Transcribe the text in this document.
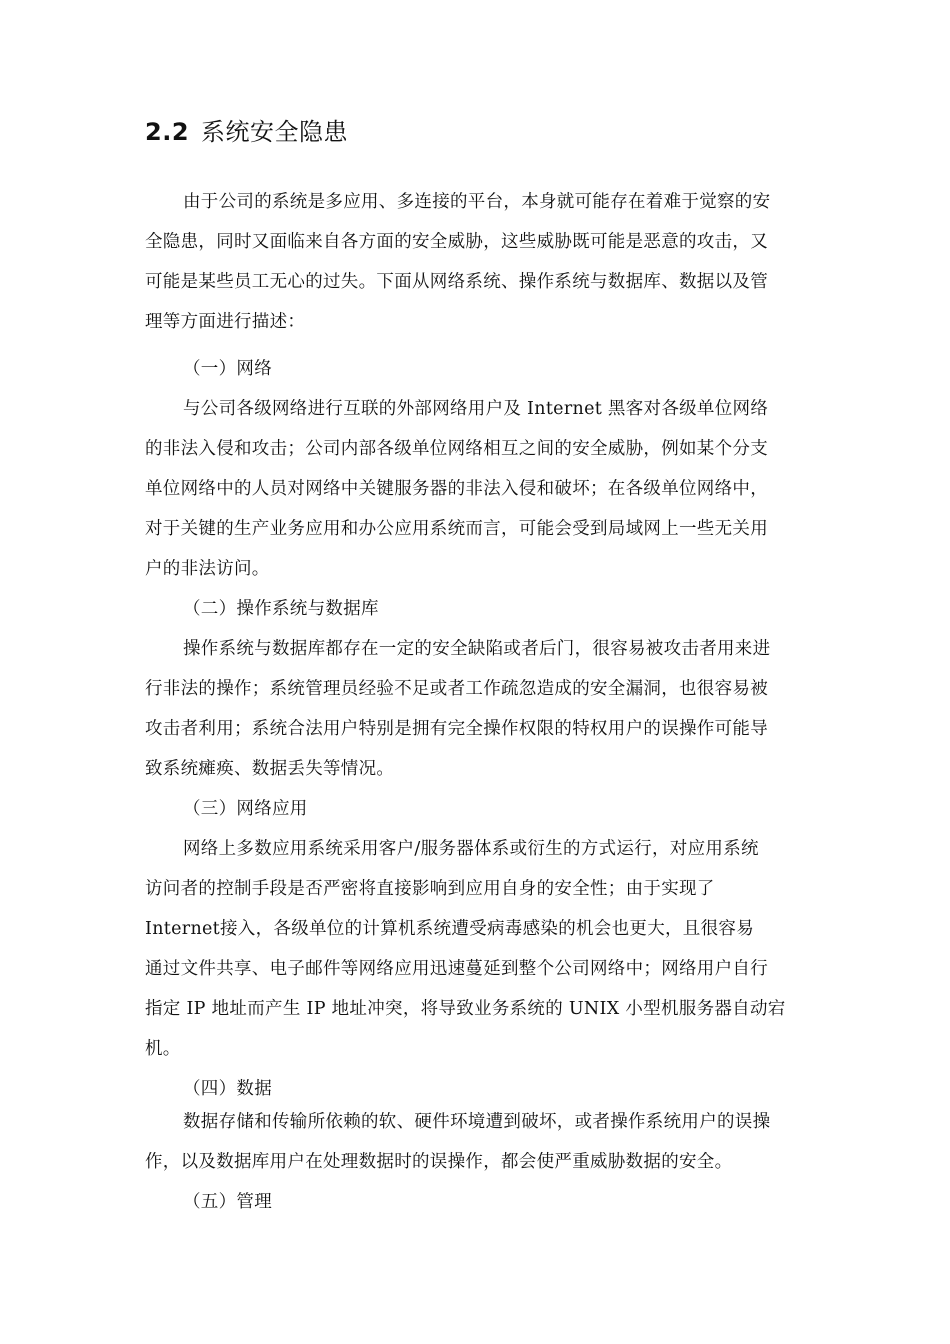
2.2 系统安全隐患
由于公司的系统是多应用、多连接的平台，本身就可能存在着难于觉察的安
全隐患，同时又面临来自各方面的安全威胁，这些威胁既可能是恶意的攻击，又
可能是某些员工无心的过失。下面从网络系统、操作系统与数据库、数据以及管
理等方面进行描述：
（一）网络
与公司各级网络进行互联的外部网络用户及 Internet 黑客对各级单位网络
的非法入侵和攻击；公司内部各级单位网络相互之间的安全威胁，例如某个分支
单位网络中的人员对网络中关键服务器的非法入侵和破坏；在各级单位网络中，
对于关键的生产业务应用和办公应用系统而言，可能会受到局域网上一些无关用
户的非法访问。
（二）操作系统与数据库
操作系统与数据库都存在一定的安全缺陷或者后门，很容易被攻击者用来进
行非法的操作；系统管理员经验不足或者工作疏忽造成的安全漏洞，也很容易被
攻击者利用；系统合法用户特别是拥有完全操作权限的特权用户的误操作可能导
致系统瘫痪、数据丢失等情况。
（三）网络应用
网络上多数应用系统采用客户/服务器体系或衍生的方式运行，对应用系统
访问者的控制手段是否严密将直接影响到应用自身的安全性；由于实现了
Internet接入，各级单位的计算机系统遭受病毒感染的机会也更大，且很容易
通过文件共享、电子邮件等网络应用迅速蔓延到整个公司网络中；网络用户自行
指定 IP 地址而产生 IP 地址冲突，将导致业务系统的 UNIX 小型机服务器自动宕
机。
（四）数据
数据存储和传输所依赖的软、硬件环境遭到破坏，或者操作系统用户的误操
作，以及数据库用户在处理数据时的误操作，都会使严重威胁数据的安全。
（五）管理
